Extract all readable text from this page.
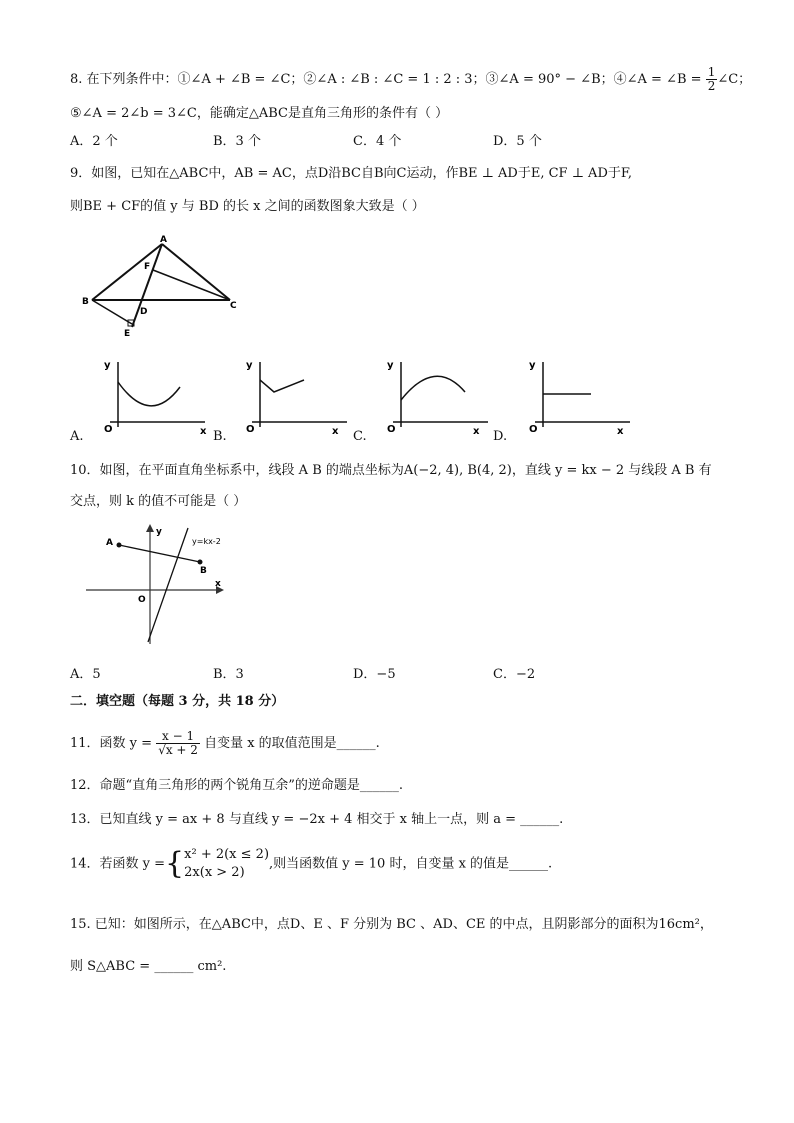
8. 在下列条件中：①∠A + ∠B = ∠C；②∠A : ∠B : ∠C = 1 : 2 : 3；③∠A = 90° − ∠B；④∠A = ∠B = $\frac{1}{2}$ ∠C；
⑤∠A = 2∠b = 3∠C，能确定△ABC是直角三角形的条件有（ ）
A．2 个	B．3 个	C．4 个	D．5 个
9．如图，已知在△ABC中，AB = AC，点D沿BC自B向C运动，作BE ⊥ AD于E, CF ⊥ AD于F,
则BE + CF的值 y 与 BD 的长 x 之间的函数图象大致是（ ）
A
F
B
D
E
C
A.
y
O	x B.
y
O	x C.
y
O	x D.
y
O	x
10．如图，在平面直角坐标系中，线段 A B 的端点坐标为A(−2, 4), B(4, 2)，直线 y = kx − 2 与线段 A B 有
交点，则 k 的值不可能是（ ）
A
B
y
x
O
y=kx-2
A．5	B．3	D．−5	C．−2
二．填空题（每题 3 分，共 18 分）
11．函数 $y = \frac{x - 1}{√x + 2}$ 自变量 x 的取值范围是______.
12．命题“直角三角形的两个锐角互余”的逆命题是______.
13．已知直线 y = ax + 8 与直线 y = −2x + 4 相交于 x 轴上一点，则 a = ______.
14．若函数 y ={ x² + 2(x ≤ 2)
2x(x > 2)
,则当函数值 y = 10 时，自变量 x 的值是______.
15. 已知：如图所示，在△ABC中，点D、E 、F 分别为 BC 、AD、CE 的中点，且阴影部分的面积为16cm²，
则 S△ABC = ______ cm².
